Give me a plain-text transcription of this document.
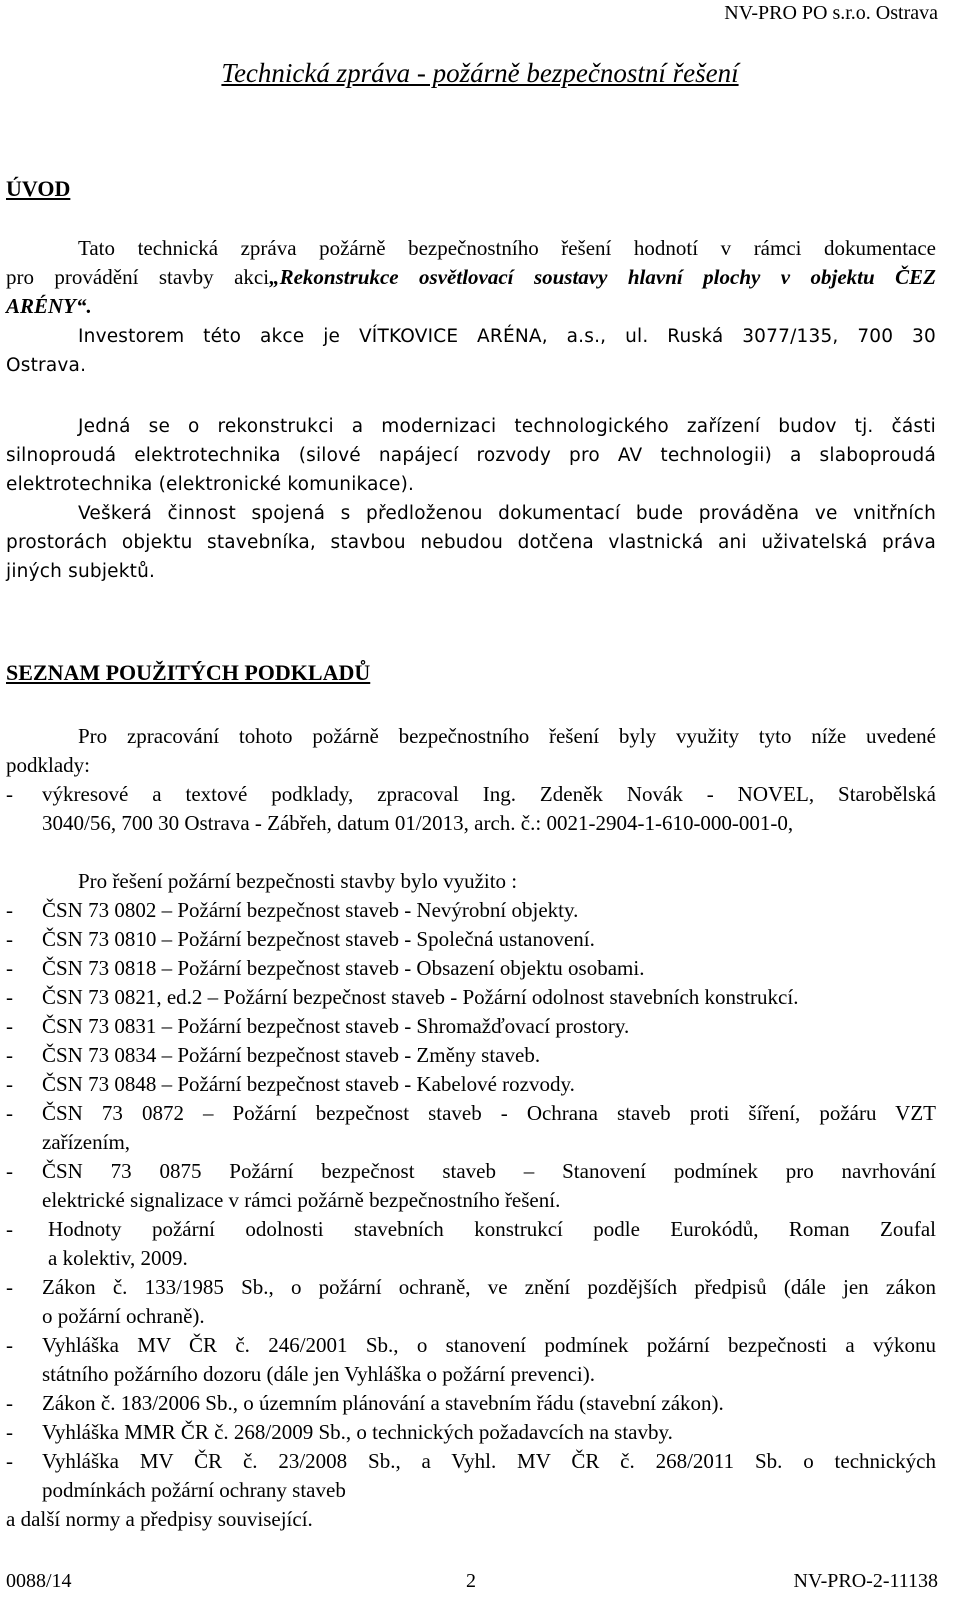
NV-PRO PO s.r.o. Ostrava
Technická zpráva - požárně bezpečnostní řešení
ÚVOD
Tato technická zpráva požárně bezpečnostního řešení hodnotí v rámci dokumentace
pro provádění stavby akci„Rekonstrukce osvětlovací soustavy hlavní plochy v objektu ČEZ
ARÉNY“.
Investorem této akce je VÍTKOVICE ARÉNA, a.s., ul. Ruská 3077/135, 700 30
Ostrava.
Jedná se o rekonstrukci a modernizaci technologického zařízení budov tj. části
silnoproudá elektrotechnika (silové napájecí rozvody pro AV technologii) a slaboproudá
elektrotechnika (elektronické komunikace).
Veškerá činnost spojená s předloženou dokumentací bude prováděna ve vnitřních
prostorách objektu stavebníka, stavbou nebudou dotčena vlastnická ani uživatelská práva
jiných subjektů.
SEZNAM POUŽITÝCH PODKLADŮ
Pro zpracování tohoto požárně bezpečnostního řešení byly využity tyto níže uvedené
podklady:
- výkresové a textové podklady, zpracoval Ing. Zdeněk Novák - NOVEL, Starobělská
3040/56, 700 30 Ostrava - Zábřeh, datum 01/2013, arch. č.: 0021-2904-1-610-000-001-0,
Pro řešení požární bezpečnosti stavby bylo využito :
- ČSN 73 0802 – Požární bezpečnost staveb - Nevýrobní objekty.
- ČSN 73 0810 – Požární bezpečnost staveb - Společná ustanovení.
- ČSN 73 0818 – Požární bezpečnost staveb - Obsazení objektu osobami.
- ČSN 73 0821, ed.2 – Požární bezpečnost staveb - Požární odolnost stavebních konstrukcí.
- ČSN 73 0831 – Požární bezpečnost staveb - Shromažďovací prostory.
- ČSN 73 0834 – Požární bezpečnost staveb - Změny staveb.
- ČSN 73 0848 – Požární bezpečnost staveb - Kabelové rozvody.
- ČSN 73 0872 – Požární bezpečnost staveb - Ochrana staveb proti šíření, požáru VZT
zařízením,
- ČSN 73 0875 Požární bezpečnost staveb – Stanovení podmínek pro navrhování
elektrické signalizace v rámci požárně bezpečnostního řešení.
- Hodnoty požární odolnosti stavebních konstrukcí podle Eurokódů, Roman Zoufal
a kolektiv, 2009.
- Zákon č. 133/1985 Sb., o požární ochraně, ve znění pozdějších předpisů (dále jen zákon
o požární ochraně).
- Vyhláška MV ČR č. 246/2001 Sb., o stanovení podmínek požární bezpečnosti a výkonu
státního požárního dozoru (dále jen Vyhláška o požární prevenci).
- Zákon č. 183/2006 Sb., o územním plánování a stavebním řádu (stavební zákon).
- Vyhláška MMR ČR č. 268/2009 Sb., o technických požadavcích na stavby.
- Vyhláška MV ČR č. 23/2008 Sb., a Vyhl. MV ČR č. 268/2011 Sb. o technických
podmínkách požární ochrany staveb
a další normy a předpisy související.
0088/14	2	NV-PRO-2-11138
